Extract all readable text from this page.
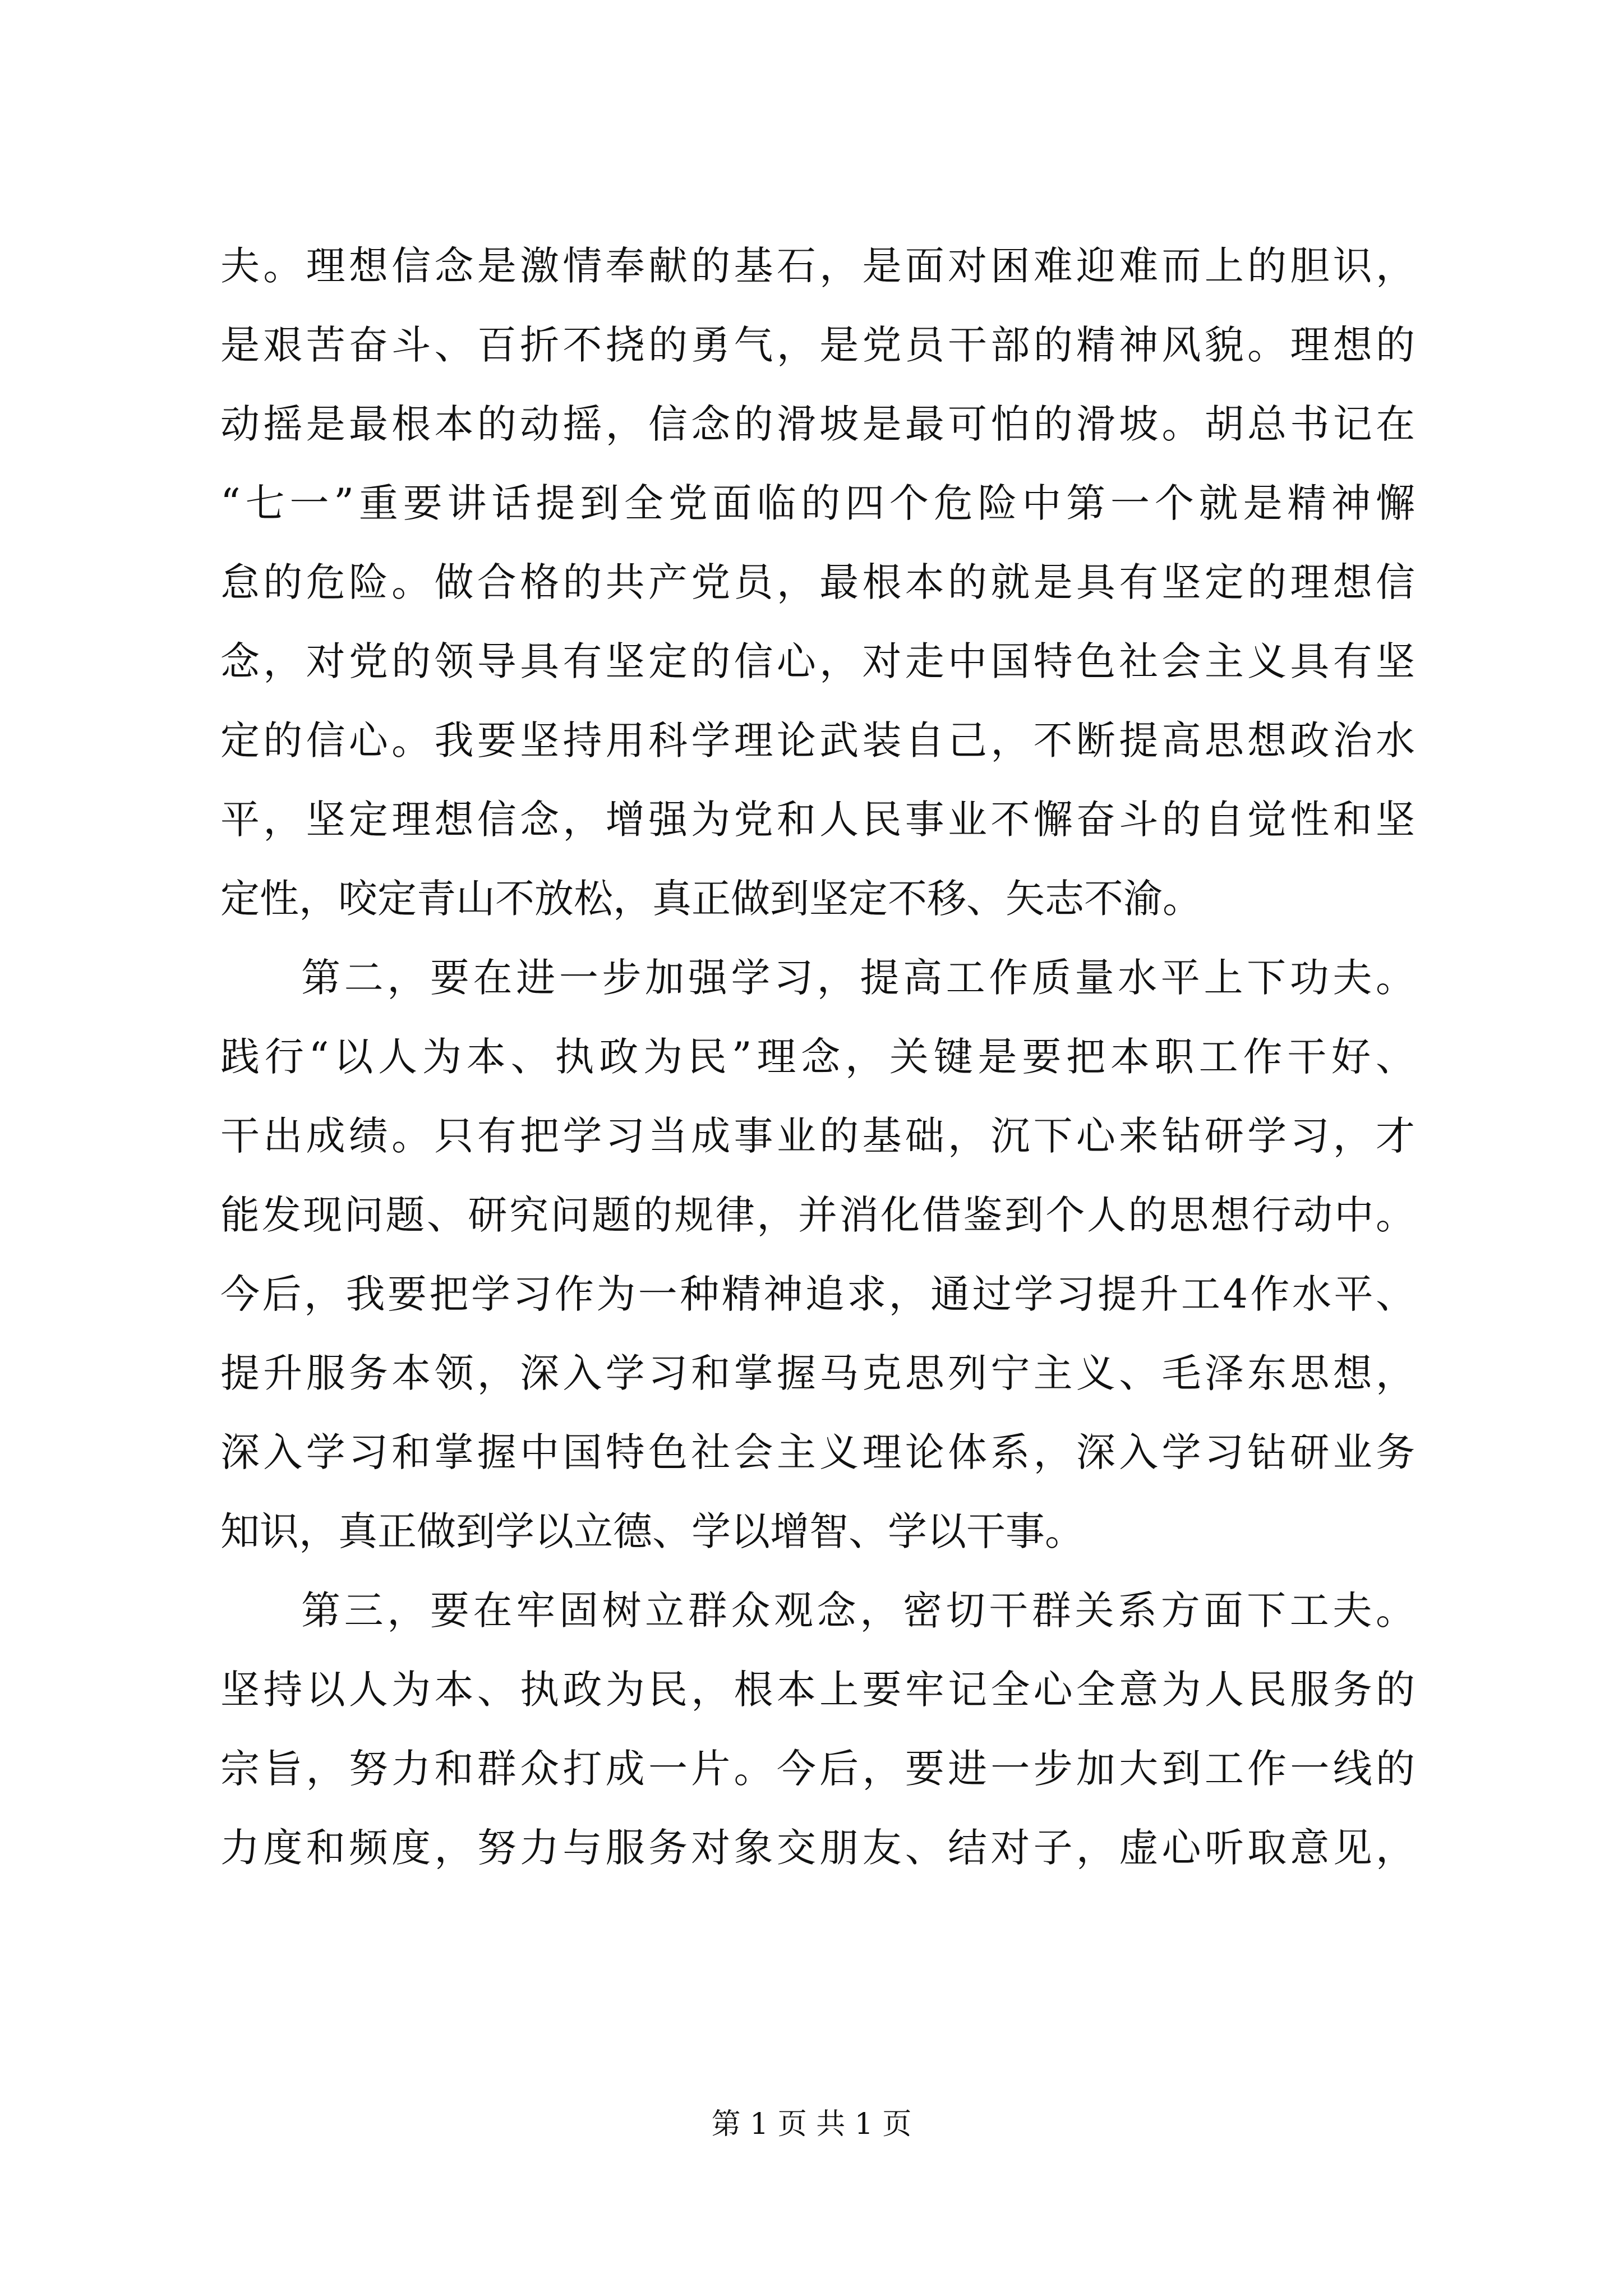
夫。理想信念是激情奉献的基石，是面对困难迎难而上的胆识，
是艰苦奋斗、百折不挠的勇气，是党员干部的精神风貌。理想的
动摇是最根本的动摇，信念的滑坡是最可怕的滑坡。胡总书记在
“七一”重要讲话提到全党面临的四个危险中第一个就是精神懈
怠的危险。做合格的共产党员，最根本的就是具有坚定的理想信
念，对党的领导具有坚定的信心，对走中国特色社会主义具有坚
定的信心。我要坚持用科学理论武装自己，不断提高思想政治水
平，坚定理想信念，增强为党和人民事业不懈奋斗的自觉性和坚
定性，咬定青山不放松，真正做到坚定不移、矢志不渝。
第二，要在进一步加强学习，提高工作质量水平上下功夫。
践行“以人为本、执政为民”理念，关键是要把本职工作干好、
干出成绩。只有把学习当成事业的基础，沉下心来钻研学习，才
能发现问题、研究问题的规律，并消化借鉴到个人的思想行动中。
今后，我要把学习作为一种精神追求，通过学习提升工4作水平、
提升服务本领，深入学习和掌握马克思列宁主义、毛泽东思想，
深入学习和掌握中国特色社会主义理论体系，深入学习钻研业务
知识，真正做到学以立德、学以增智、学以干事。
第三，要在牢固树立群众观念，密切干群关系方面下工夫。
坚持以人为本、执政为民，根本上要牢记全心全意为人民服务的
宗旨，努力和群众打成一片。今后，要进一步加大到工作一线的
力度和频度，努力与服务对象交朋友、结对子，虚心听取意见，
第 1 页 共 1 页
